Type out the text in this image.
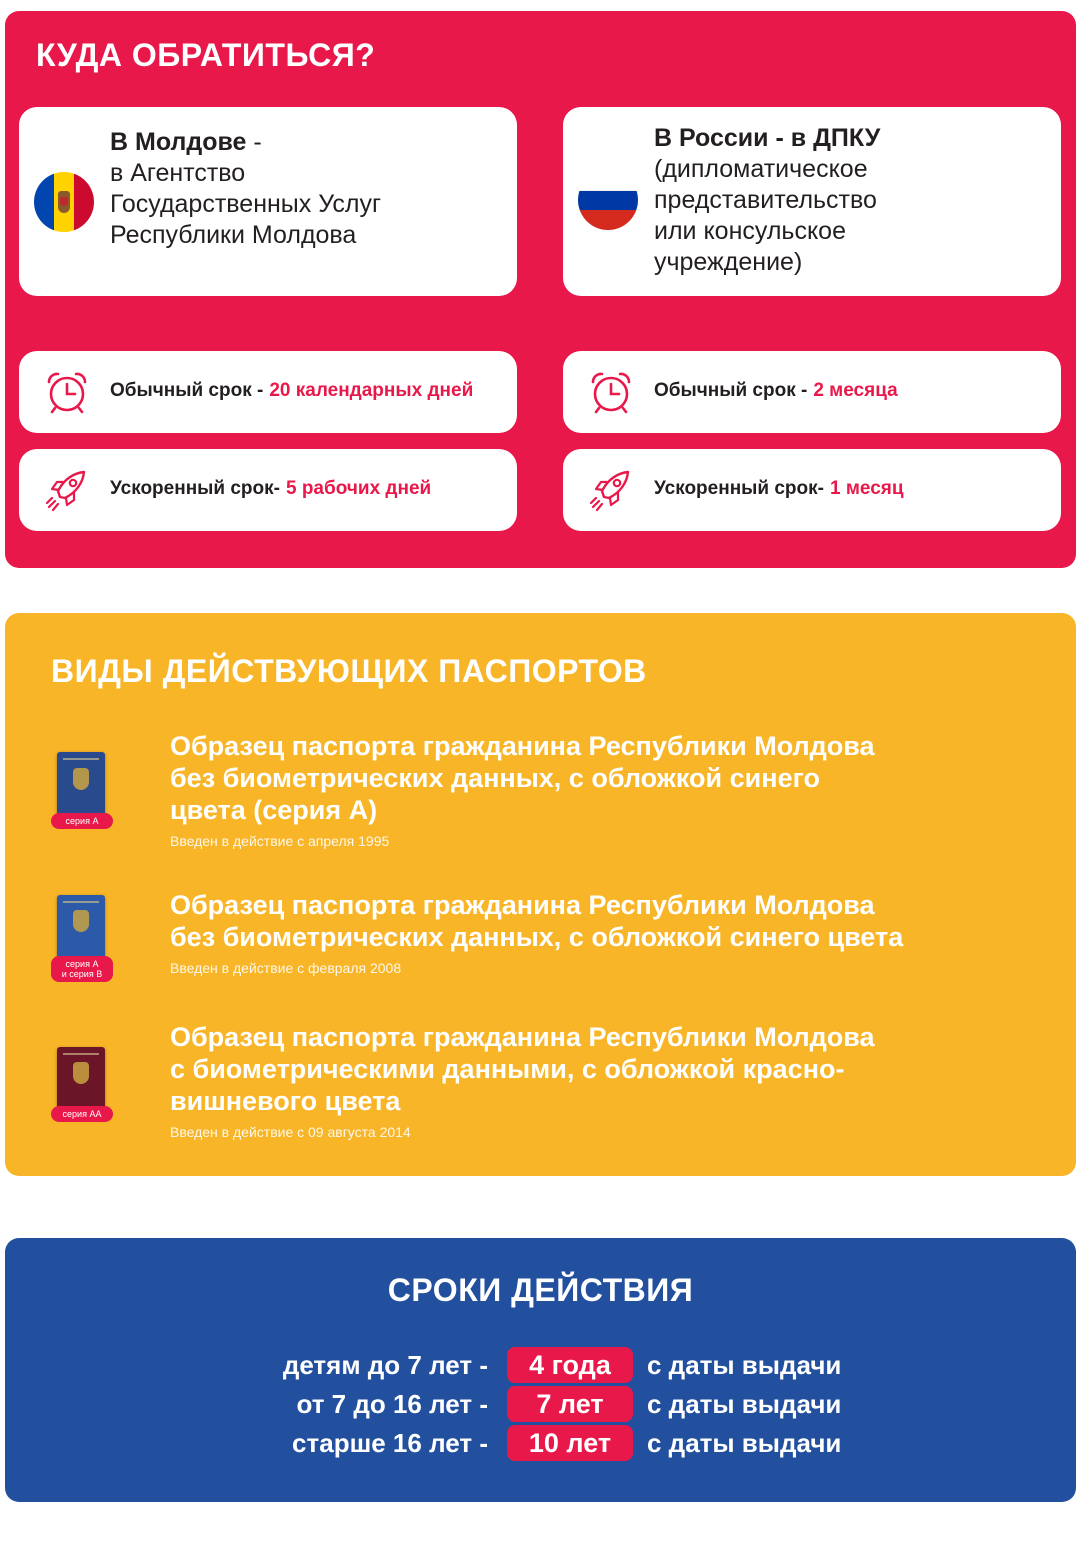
КУДА ОБРАТИТЬСЯ?
В Молдове -
в Агентство
Государственных Услуг
Республики Молдова
В России - в ДПКУ
(дипломатическое
представительство
или консульское
учреждение)
Обычный срок - 20 календарных дней
Ускоренный срок- 5 рабочих дней
Обычный срок - 2 месяца
Ускоренный срок- 1 месяц
ВИДЫ ДЕЙСТВУЮЩИХ ПАСПОРТОВ
серия А
Образец паспорта гражданина Республики Молдова
без биометрических данных, с обложкой синего
цвета (серия А)
Введен в действие с апреля 1995
серия А
и серия В
Образец паспорта гражданина Республики Молдова
без биометрических данных, с обложкой синего цвета
Введен в действие с февраля 2008
серия АА
Образец паспорта гражданина Республики Молдова
с биометрическими данными, с обложкой красно-
вишневого цвета
Введен в действие с 09 августа 2014
СРОКИ ДЕЙСТВИЯ
детям до 7 лет -	4 года	с даты выдачи
от 7 до 16 лет -	7 лет	с даты выдачи
старше 16 лет -	10 лет	с даты выдачи
